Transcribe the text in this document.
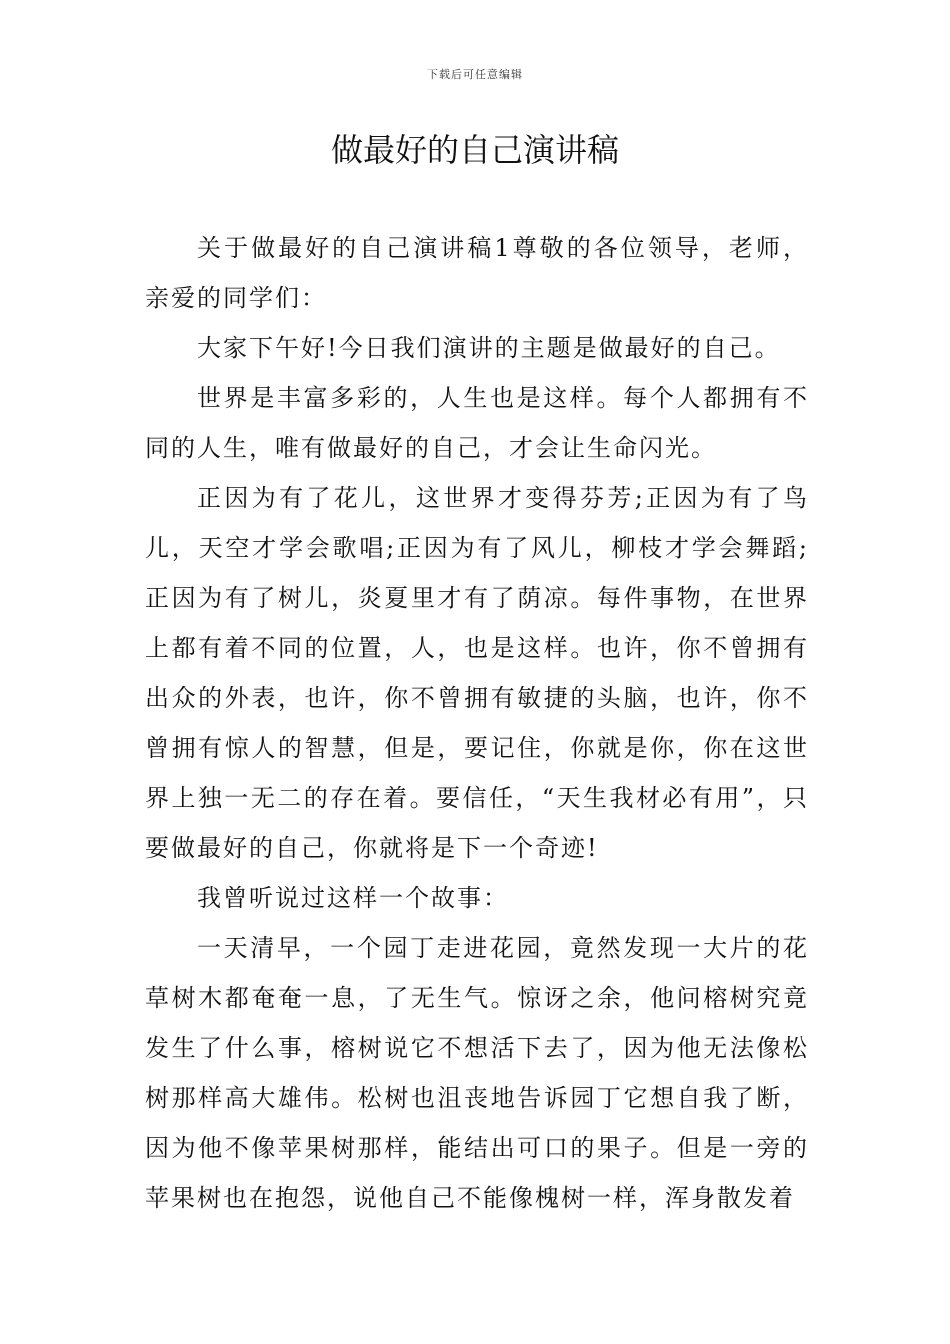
下载后可任意编辑
做最好的自己演讲稿

关于做最好的自己演讲稿1尊敬的各位领导，老师，亲爱的同学们：

大家下午好!今日我们演讲的主题是做最好的自己。

世界是丰富多彩的，人生也是这样。每个人都拥有不同的人生，唯有做最好的自己，才会让生命闪光。

正因为有了花儿，这世界才变得芬芳;正因为有了鸟儿，天空才学会歌唱;正因为有了风儿，柳枝才学会舞蹈;正因为有了树儿，炎夏里才有了荫凉。每件事物，在世界上都有着不同的位置，人，也是这样。也许，你不曾拥有出众的外表，也许，你不曾拥有敏捷的头脑，也许，你不曾拥有惊人的智慧，但是，要记住，你就是你，你在这世界上独一无二的存在着。要信任，“天生我材必有用”，只要做最好的自己，你就将是下一个奇迹!

我曾听说过这样一个故事：

一天清早，一个园丁走进花园，竟然发现一大片的花草树木都奄奄一息，了无生气。惊讶之余，他问榕树究竟发生了什么事，榕树说它不想活下去了，因为他无法像松树那样高大雄伟。松树也沮丧地告诉园丁它想自我了断，因为他不像苹果树那样，能结出可口的果子。但是一旁的苹果树也在抱怨，说他自己不能像槐树一样，浑身散发着
